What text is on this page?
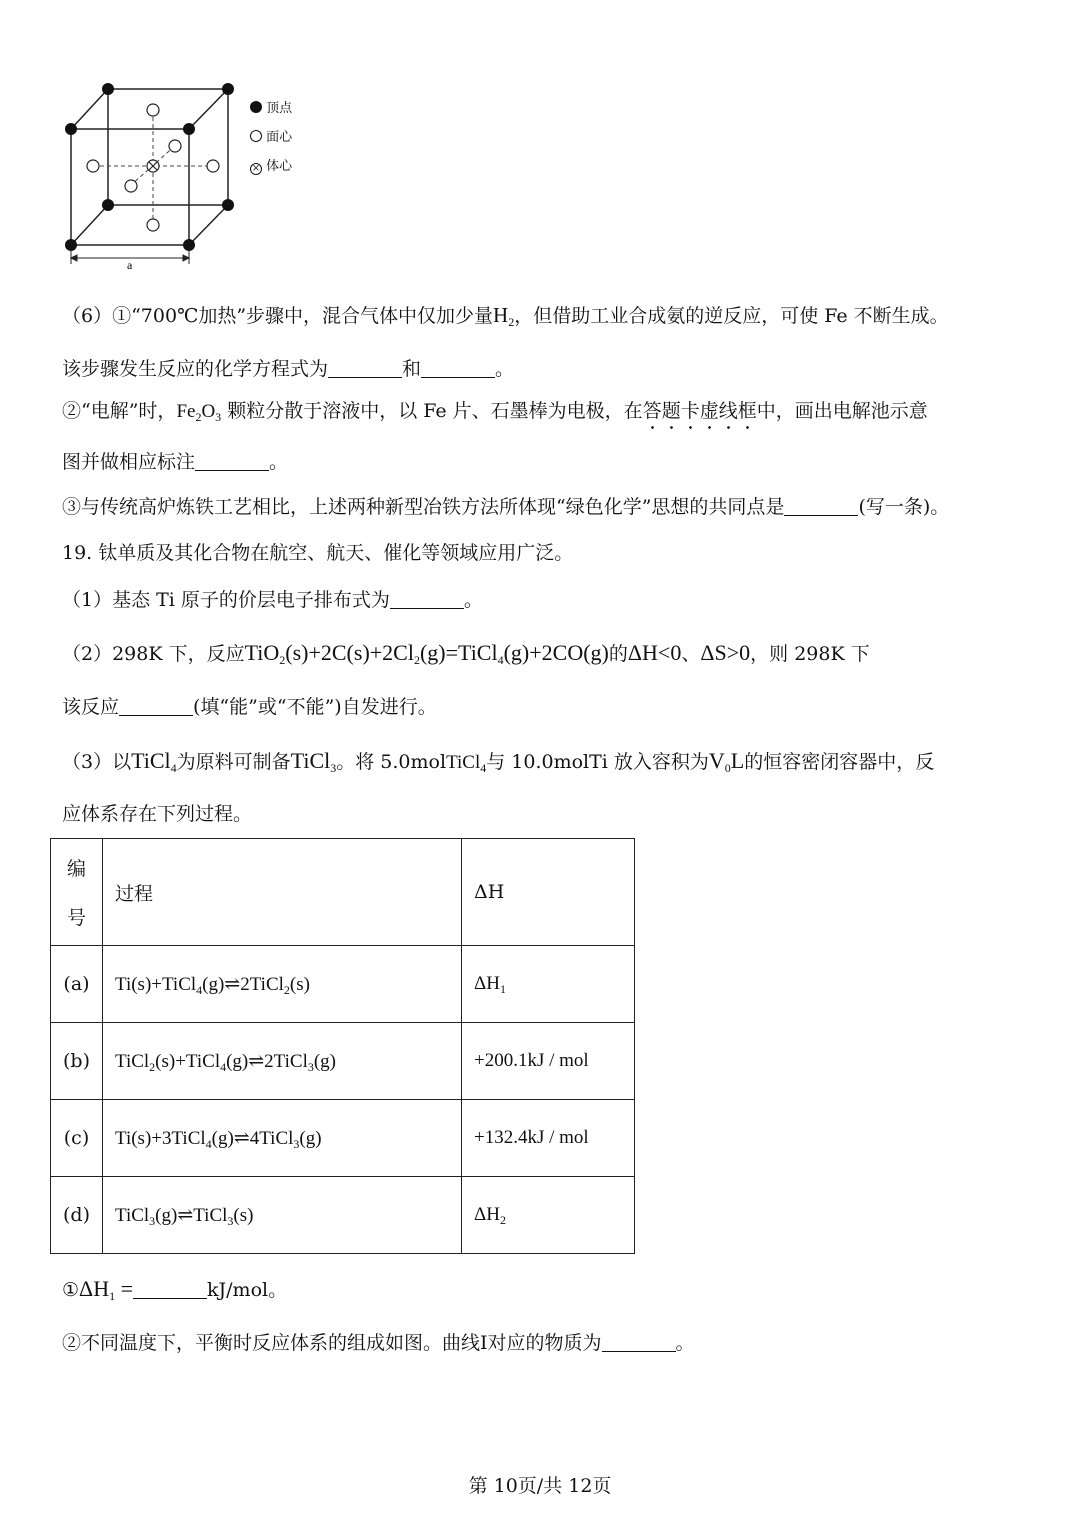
a
顶点
面心
× 体心
（6）①“700℃加热”步骤中，混合气体中仅加少量$H_2$，但借助工业合成氨的逆反应，可使 Fe 不断生成。
该步骤发生反应的化学方程式为	和	。
②“电解”时，$Fe_2O_3$ 颗粒分散于溶液中，以 Fe 片、石墨棒为电极，在答题卡虚线框中，画出电解池示意
图并做相应标注	。
③与传统高炉炼铁工艺相比，上述两种新型冶铁方法所体现“绿色化学”思想的共同点是	(写一条)。
19. 钛单质及其化合物在航空、航天、催化等领域应用广泛。
（1）基态 Ti 原子的价层电子排布式为	。
（2）298K 下，反应$TiO_2(s)+2C(s)+2Cl_2(g)=TiCl_4(g)+2CO(g)$的ΔH<0、ΔS>0，则 298K 下
该反应	(填“能”或“不能”)自发进行。
（3）以TiCl$_4$为原料可制备TiCl$_3$。将 5.0molTiCl$_4$与 10.0molTi 放入容积为$V_0L$的恒容密闭容器中，反
应体系存在下列过程。
编
号	过程	ΔH
(a)	Ti(s)+TiCl$_4$(g)⇌2TiCl$_2$(s)	$\Delta H_1$
(b)	TiCl$_2$(s)+TiCl$_4$(g)⇌2TiCl$_3$(g)	+200.1kJ / mol
(c)	Ti(s)+3TiCl$_4$(g)⇌4TiCl$_3$(g)	+132.4kJ / mol
(d)	TiCl$_3$(g)⇌TiCl$_3$(s)	$\Delta H_2$
$①\Delta H_1$ =	kJ/mol。
②不同温度下，平衡时反应体系的组成如图。曲线Ⅰ对应的物质为	。
第 10页/共 12页
